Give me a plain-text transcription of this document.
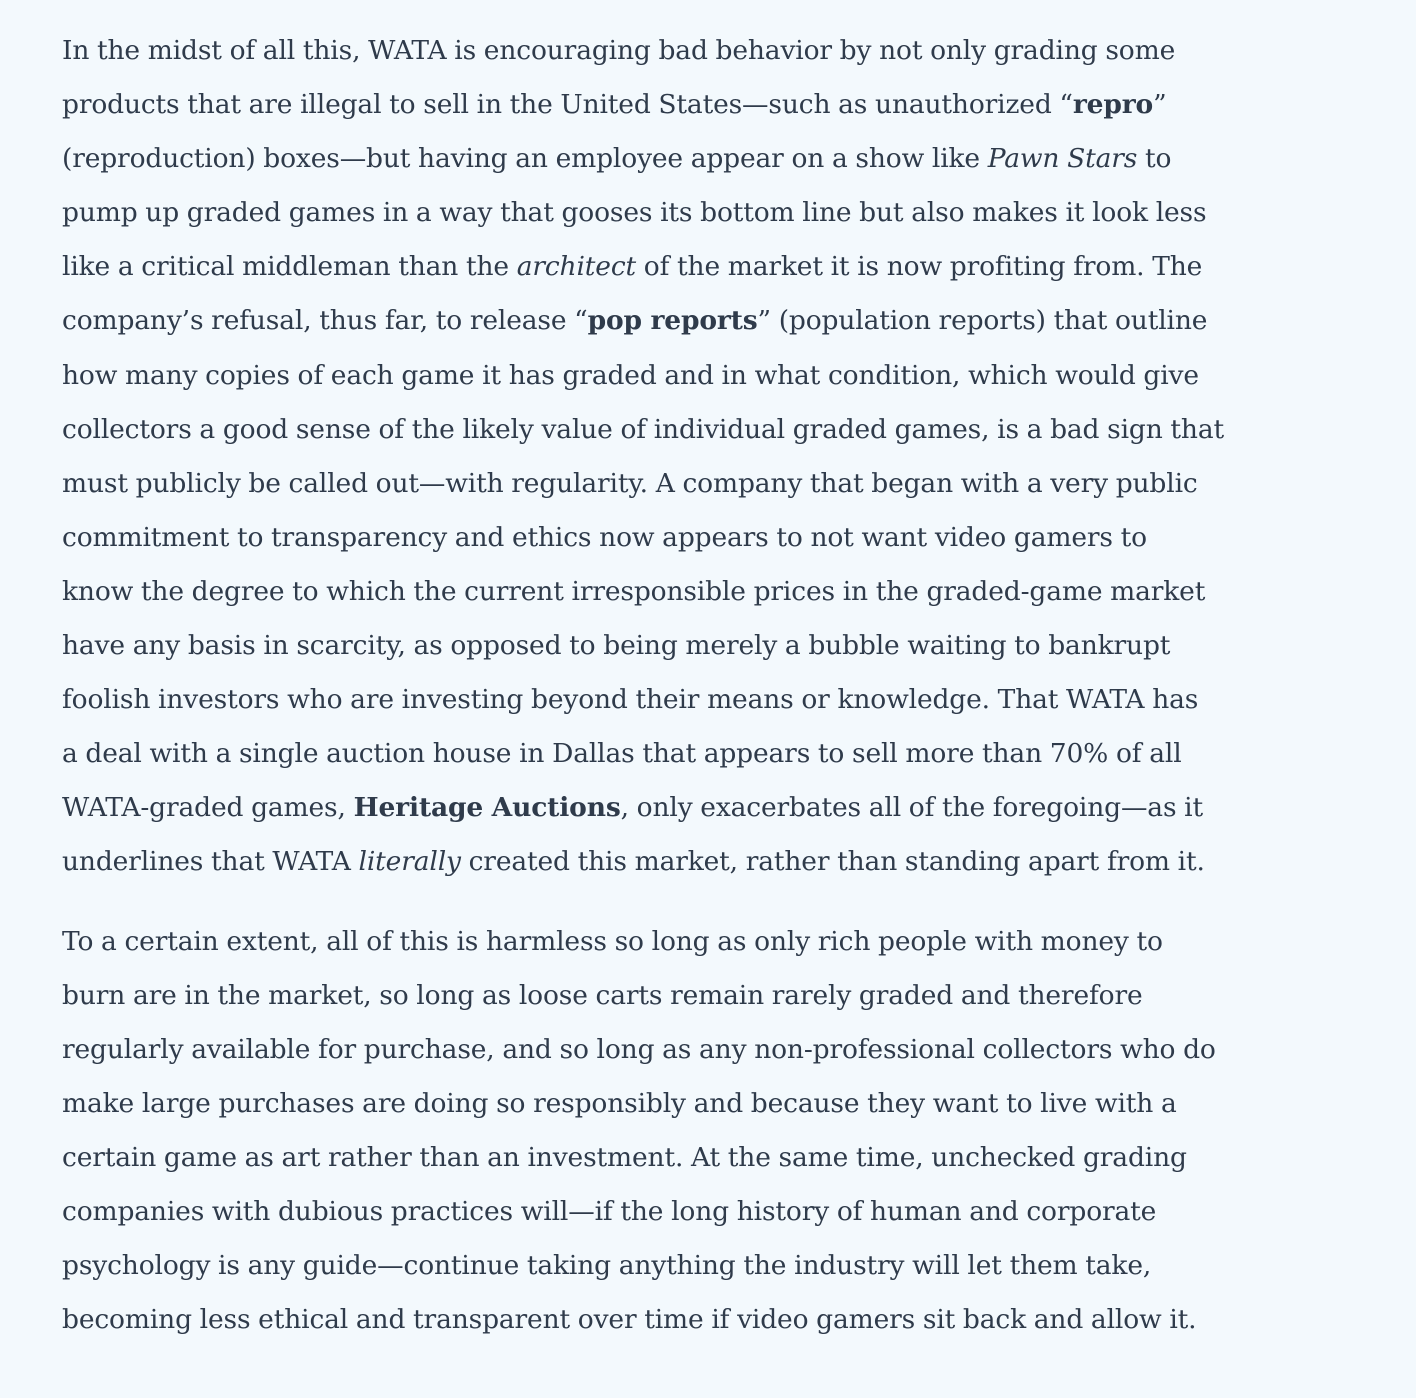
In the midst of all this, WATA is encouraging bad behavior by not only grading some
products that are illegal to sell in the United States—such as unauthorized “repro”
(reproduction) boxes—but having an employee appear on a show like Pawn Stars to
pump up graded games in a way that gooses its bottom line but also makes it look less
like a critical middleman than the architect of the market it is now profiting from. The
company’s refusal, thus far, to release “pop reports” (population reports) that outline
how many copies of each game it has graded and in what condition, which would give
collectors a good sense of the likely value of individual graded games, is a bad sign that
must publicly be called out—with regularity. A company that began with a very public
commitment to transparency and ethics now appears to not want video gamers to
know the degree to which the current irresponsible prices in the graded-game market
have any basis in scarcity, as opposed to being merely a bubble waiting to bankrupt
foolish investors who are investing beyond their means or knowledge. That WATA has
a deal with a single auction house in Dallas that appears to sell more than 70% of all
WATA-graded games, Heritage Auctions, only exacerbates all of the foregoing—as it
underlines that WATA literally created this market, rather than standing apart from it.

To a certain extent, all of this is harmless so long as only rich people with money to
burn are in the market, so long as loose carts remain rarely graded and therefore
regularly available for purchase, and so long as any non-professional collectors who do
make large purchases are doing so responsibly and because they want to live with a
certain game as art rather than an investment. At the same time, unchecked grading
companies with dubious practices will—if the long history of human and corporate
psychology is any guide—continue taking anything the industry will let them take,
becoming less ethical and transparent over time if video gamers sit back and allow it.
